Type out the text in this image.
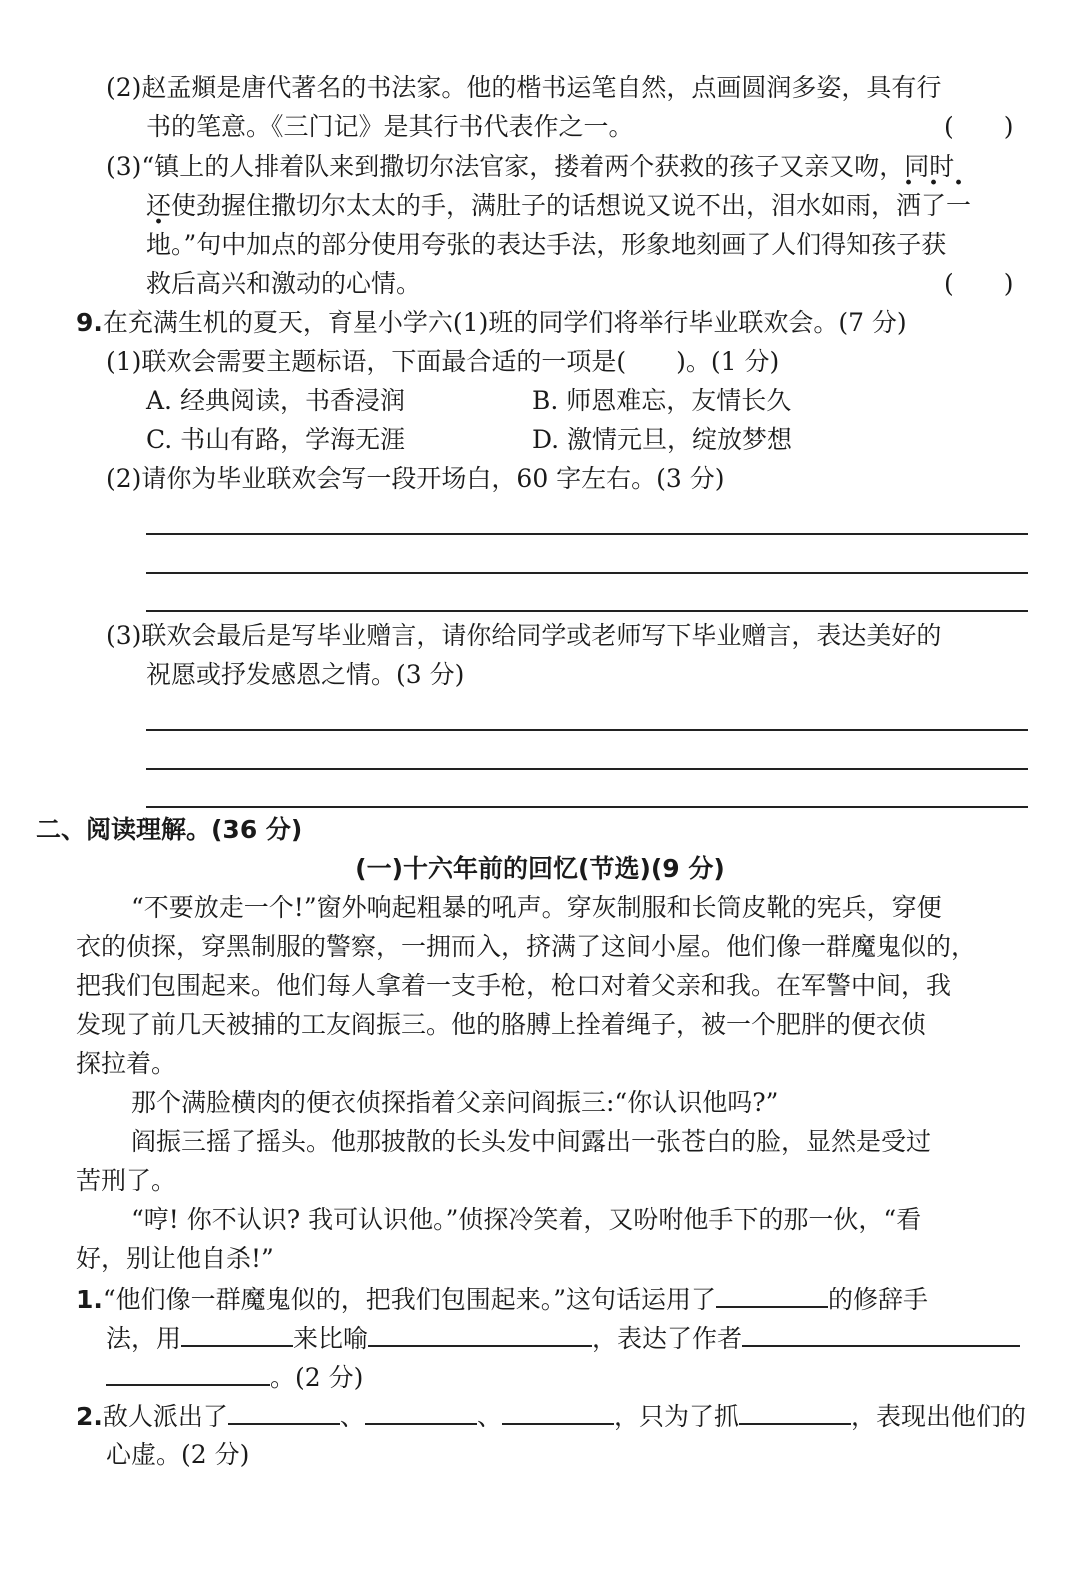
(2)赵孟頫是唐代著名的书法家。他的楷书运笔自然，点画圆润多姿，具有行
书的笔意。《三门记》是其行书代表作之一。	(　　)
(3)“镇上的人排着队来到撒切尔法官家，搂着两个获救的孩子又亲又吻，同时
还使劲握住撒切尔太太的手，满肚子的话想说又说不出，泪水如雨，洒了一
地。”句中加点的部分使用夸张的表达手法，形象地刻画了人们得知孩子获
救后高兴和激动的心情。	(　　)
9.在充满生机的夏天，育星小学六(1)班的同学们将举行毕业联欢会。(7 分)
(1)联欢会需要主题标语，下面最合适的一项是(　　)。(1 分)
A. 经典阅读，书香浸润	B. 师恩难忘，友情长久
C. 书山有路，学海无涯	D. 激情元旦，绽放梦想
(2)请你为毕业联欢会写一段开场白，60 字左右。(3 分)
(3)联欢会最后是写毕业赠言，请你给同学或老师写下毕业赠言，表达美好的
祝愿或抒发感恩之情。(3 分)
二、阅读理解。(36 分)
(一)十六年前的回忆(节选)(9 分)
“不要放走一个!”窗外响起粗暴的吼声。穿灰制服和长筒皮靴的宪兵，穿便
衣的侦探，穿黑制服的警察，一拥而入，挤满了这间小屋。他们像一群魔鬼似的，
把我们包围起来。他们每人拿着一支手枪，枪口对着父亲和我。在军警中间，我
发现了前几天被捕的工友阎振三。他的胳膊上拴着绳子，被一个肥胖的便衣侦
探拉着。
那个满脸横肉的便衣侦探指着父亲问阎振三:“你认识他吗?”
阎振三摇了摇头。他那披散的长头发中间露出一张苍白的脸，显然是受过
苦刑了。
“哼! 你不认识? 我可认识他。”侦探冷笑着，又吩咐他手下的那一伙，“看
好，别让他自杀!”
1.“他们像一群魔鬼似的，把我们包围起来。”这句话运用了	的修辞手
法，用	来比喻	，表达了作者
。(2 分)
2.敌人派出了	、	、	，只为了抓	，表现出他们的
心虚。(2 分)
